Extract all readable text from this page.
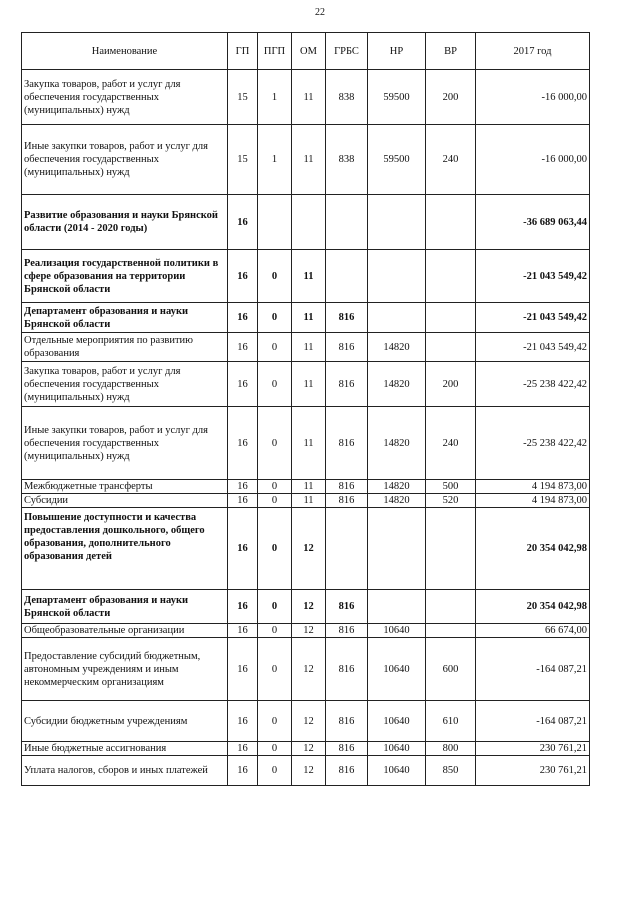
22
Наименование	ГП	ПГП	ОМ	ГРБС	НР	ВР	2017 год
Закупка товаров, работ и услуг для обеспечения государственных (муниципальных) нужд	15	1	11	838	59500	200	-16 000,00
Иные закупки товаров, работ и услуг для обеспечения государственных (муниципальных) нужд	15	1	11	838	59500	240	-16 000,00
Развитие образования и науки Брянской области (2014 - 2020 годы)	16						-36 689 063,44
Реализация государственной политики в сфере образования на территории Брянской области	16	0	11				-21 043 549,42
Департамент образования и науки Брянской области	16	0	11	816			-21 043 549,42
Отдельные мероприятия по развитию образования	16	0	11	816	14820		-21 043 549,42
Закупка товаров, работ и услуг для обеспечения государственных (муниципальных) нужд	16	0	11	816	14820	200	-25 238 422,42
Иные закупки товаров, работ и услуг для обеспечения государственных (муниципальных) нужд	16	0	11	816	14820	240	-25 238 422,42
Межбюджетные трансферты	16	0	11	816	14820	500	4 194 873,00
Субсидии	16	0	11	816	14820	520	4 194 873,00
Повышение доступности и качества предоставления дошкольного, общего образования, дополнительного образования детей	16	0	12				20 354 042,98
Департамент образования и науки Брянской области	16	0	12	816			20 354 042,98
Общеобразовательные организации	16	0	12	816	10640		66 674,00
Предоставление субсидий бюджетным, автономным учреждениям и иным некоммерческим организациям	16	0	12	816	10640	600	-164 087,21
Субсидии бюджетным учреждениям	16	0	12	816	10640	610	-164 087,21
Иные бюджетные ассигнования	16	0	12	816	10640	800	230 761,21
Уплата налогов, сборов и иных платежей	16	0	12	816	10640	850	230 761,21
